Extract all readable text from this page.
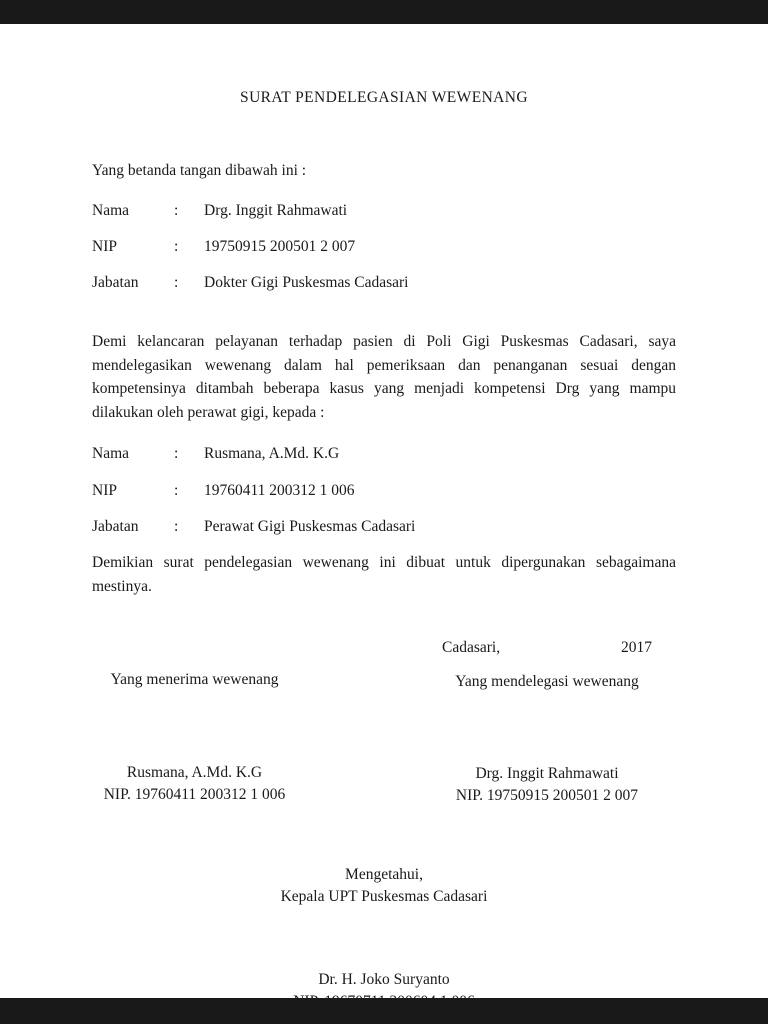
SURAT PENDELEGASIAN WEWENANG
Yang betanda tangan dibawah ini :
Nama	:	Drg. Inggit Rahmawati
NIP	:	19750915 200501 2 007
Jabatan	:	Dokter Gigi Puskesmas Cadasari
Demi kelancaran pelayanan terhadap pasien di Poli Gigi Puskesmas Cadasari, saya mendelegasikan wewenang dalam hal pemeriksaan dan penanganan sesuai dengan kompetensinya ditambah beberapa kasus yang menjadi kompetensi Drg yang mampu dilakukan oleh perawat gigi, kepada :
Nama	:	Rusmana, A.Md. K.G
NIP	:	19760411 200312 1 006
Jabatan	:	Perawat Gigi Puskesmas Cadasari
Demikian surat pendelegasian wewenang ini dibuat untuk dipergunakan sebagaimana mestinya.
Yang menerima wewenang
Rusmana, A.Md. K.G
NIP. 19760411 200312 1 006
Cadasari,	2017
Yang mendelegasi wewenang
Drg. Inggit Rahmawati
NIP. 19750915 200501 2 007
Mengetahui,
Kepala UPT Puskesmas Cadasari
Dr. H. Joko Suryanto
